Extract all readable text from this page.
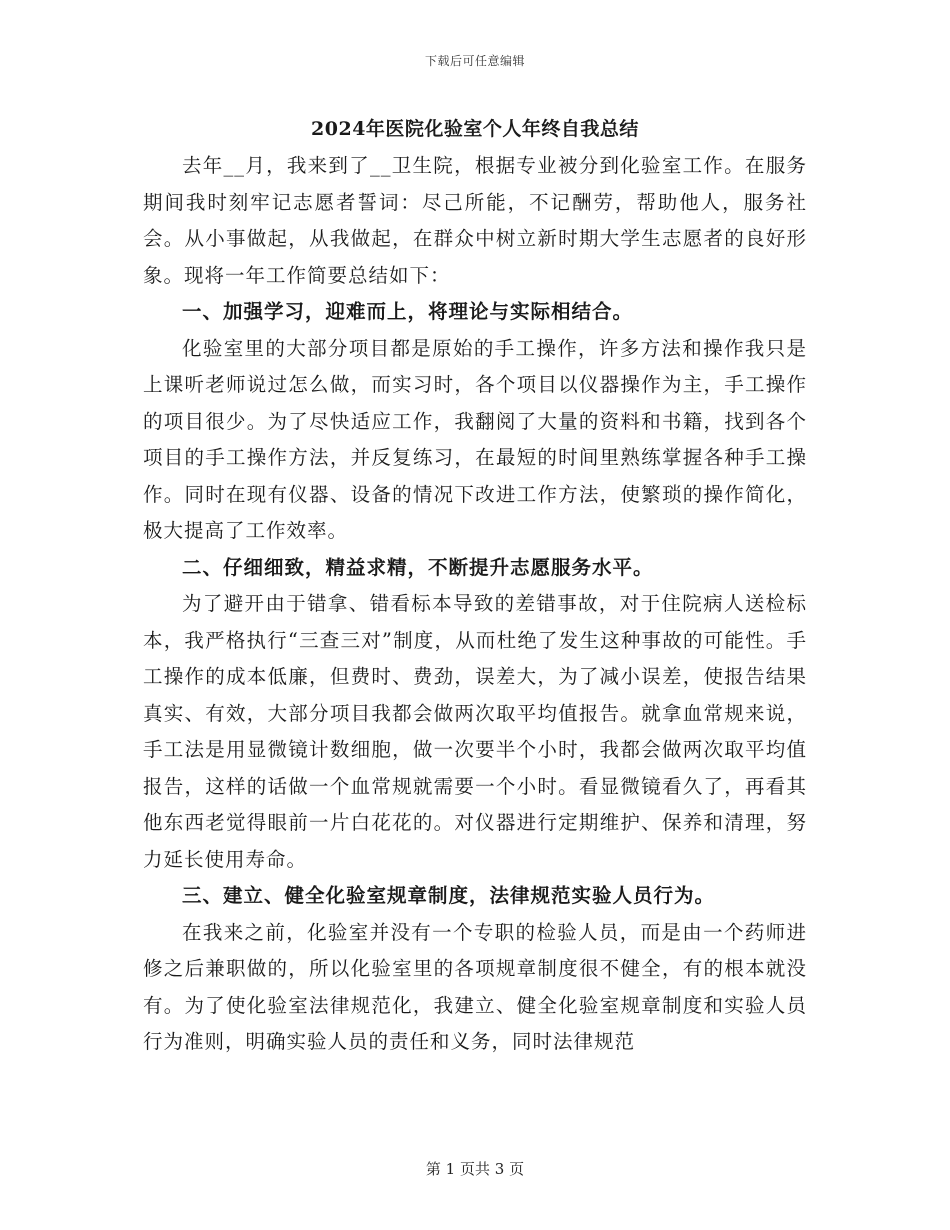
下载后可任意编辑
2024年医院化验室个人年终自我总结

去年__月，我来到了__卫生院，根据专业被分到化验室工作。在服务期间我时刻牢记志愿者誓词：尽己所能，不记酬劳，帮助他人，服务社会。从小事做起，从我做起，在群众中树立新时期大学生志愿者的良好形象。现将一年工作简要总结如下：

一、加强学习，迎难而上，将理论与实际相结合。

化验室里的大部分项目都是原始的手工操作，许多方法和操作我只是上课听老师说过怎么做，而实习时，各个项目以仪器操作为主，手工操作的项目很少。为了尽快适应工作，我翻阅了大量的资料和书籍，找到各个项目的手工操作方法，并反复练习，在最短的时间里熟练掌握各种手工操作。同时在现有仪器、设备的情况下改进工作方法，使繁琐的操作简化，极大提高了工作效率。

二、仔细细致，精益求精，不断提升志愿服务水平。

为了避开由于错拿、错看标本导致的差错事故，对于住院病人送检标本，我严格执行“三查三对”制度，从而杜绝了发生这种事故的可能性。手工操作的成本低廉，但费时、费劲，误差大，为了减小误差，使报告结果真实、有效，大部分项目我都会做两次取平均值报告。就拿血常规来说，手工法是用显微镜计数细胞，做一次要半个小时，我都会做两次取平均值报告，这样的话做一个血常规就需要一个小时。看显微镜看久了，再看其他东西老觉得眼前一片白花花的。对仪器进行定期维护、保养和清理，努力延长使用寿命。

三、建立、健全化验室规章制度，法律规范实验人员行为。

在我来之前，化验室并没有一个专职的检验人员，而是由一个药师进修之后兼职做的，所以化验室里的各项规章制度很不健全，有的根本就没有。为了使化验室法律规范化，我建立、健全化验室规章制度和实验人员行为准则，明确实验人员的责任和义务，同时法律规范

第 1 页共 3 页
